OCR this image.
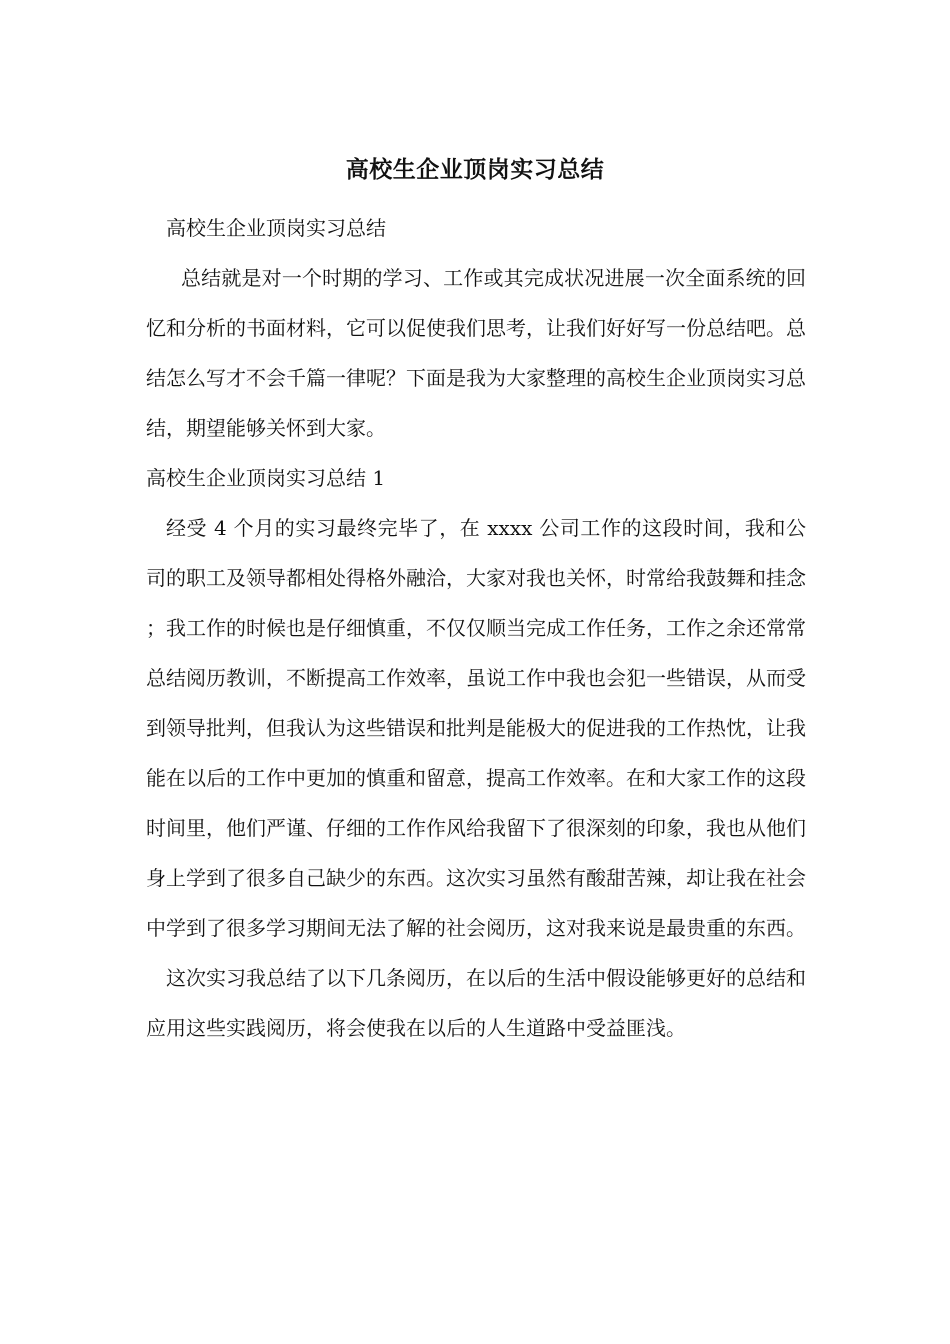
高校生企业顶岗实习总结

高校生企业顶岗实习总结

总结就是对一个时期的学习、工作或其完成状况进展一次全面系统的回忆和分析的书面材料，它可以促使我们思考，让我们好好写一份总结吧。总结怎么写才不会千篇一律呢？下面是我为大家整理的高校生企业顶岗实习总结，期望能够关怀到大家。

高校生企业顶岗实习总结 1

经受 4 个月的实习最终完毕了，在 xxxx 公司工作的这段时间，我和公司的职工及领导都相处得格外融洽，大家对我也关怀，时常给我鼓舞和挂念；我工作的时候也是仔细慎重，不仅仅顺当完成工作任务，工作之余还常常总结阅历教训，不断提高工作效率，虽说工作中我也会犯一些错误，从而受到领导批判，但我认为这些错误和批判是能极大的促进我的工作热忱，让我能在以后的工作中更加的慎重和留意，提高工作效率。在和大家工作的这段时间里，他们严谨、仔细的工作作风给我留下了很深刻的印象，我也从他们身上学到了很多自己缺少的东西。这次实习虽然有酸甜苦辣，却让我在社会中学到了很多学习期间无法了解的社会阅历，这对我来说是最贵重的东西。

这次实习我总结了以下几条阅历，在以后的生活中假设能够更好的总结和应用这些实践阅历，将会使我在以后的人生道路中受益匪浅。
